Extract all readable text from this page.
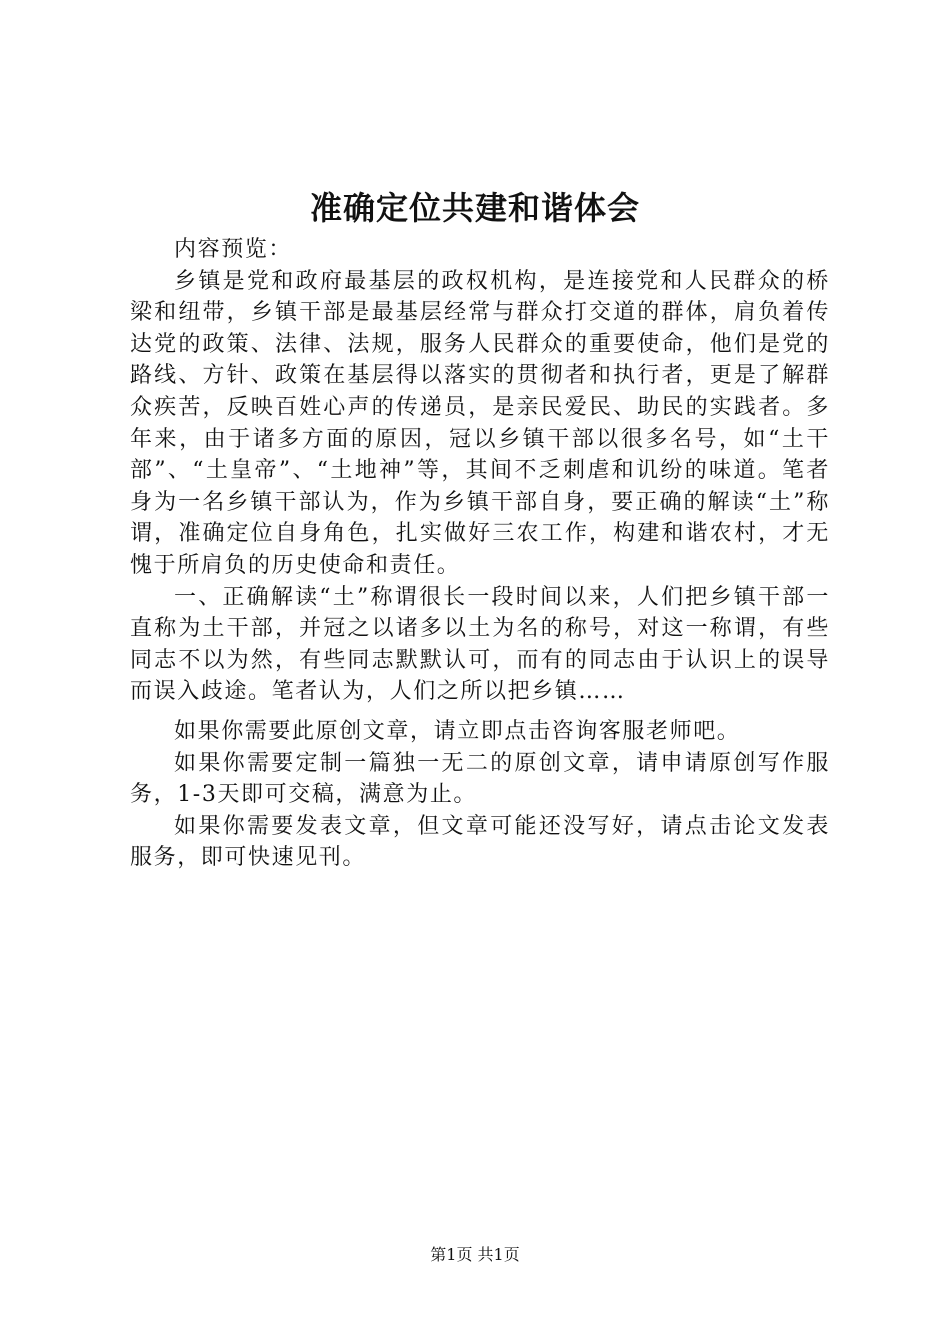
准确定位共建和谐体会

内容预览：

乡镇是党和政府最基层的政权机构，是连接党和人民群众的桥梁和纽带，乡镇干部是最基层经常与群众打交道的群体，肩负着传达党的政策、法律、法规，服务人民群众的重要使命，他们是党的路线、方针、政策在基层得以落实的贯彻者和执行者，更是了解群众疾苦，反映百姓心声的传递员，是亲民爱民、助民的实践者。多年来，由于诸多方面的原因，冠以乡镇干部以很多名号，如“土干部”、“土皇帝”、“土地神”等，其间不乏刺虐和讥纷的味道。笔者身为一名乡镇干部认为，作为乡镇干部自身，要正确的解读“土”称谓，准确定位自身角色，扎实做好三农工作，构建和谐农村，才无愧于所肩负的历史使命和责任。

一、正确解读“土”称谓很长一段时间以来，人们把乡镇干部一直称为土干部，并冠之以诸多以土为名的称号，对这一称谓，有些同志不以为然，有些同志默默认可，而有的同志由于认识上的误导而误入歧途。笔者认为，人们之所以把乡镇……

如果你需要此原创文章，请立即点击咨询客服老师吧。

如果你需要定制一篇独一无二的原创文章，请申请原创写作服务，1-3天即可交稿，满意为止。

如果你需要发表文章，但文章可能还没写好，请点击论文发表服务，即可快速见刊。

第1页 共1页
